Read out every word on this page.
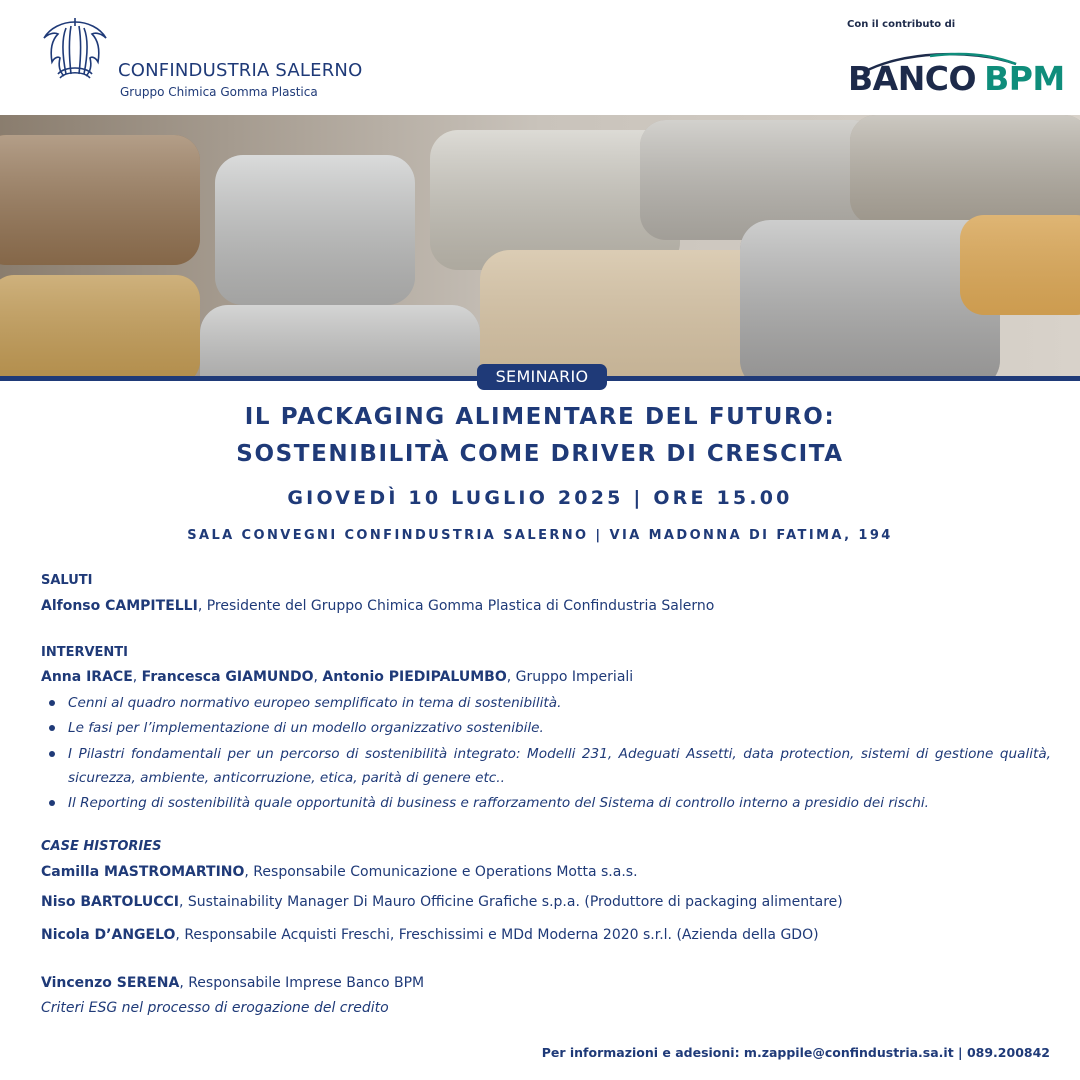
CONFINDUSTRIA SALERNO
Gruppo Chimica Gomma Plastica
Con il contributo di
BANCO BPM
SEMINARIO
IL PACKAGING ALIMENTARE DEL FUTURO:
SOSTENIBILITÀ COME DRIVER DI CRESCITA
GIOVEDÌ 10 LUGLIO 2025 | ORE 15.00
SALA CONVEGNI CONFINDUSTRIA SALERNO | VIA MADONNA DI FATIMA, 194
SALUTI
Alfonso CAMPITELLI, Presidente del Gruppo Chimica Gomma Plastica di Confindustria Salerno
INTERVENTI
Anna IRACE, Francesca GIAMUNDO, Antonio PIEDIPALUMBO, Gruppo Imperiali
Cenni al quadro normativo europeo semplificato in tema di sostenibilità.
Le fasi per l’implementazione di un modello organizzativo sostenibile.
I Pilastri fondamentali per un percorso di sostenibilità integrato: Modelli 231, Adeguati Assetti, data protection, sistemi di gestione qualità, sicurezza, ambiente, anticorruzione, etica, parità di genere etc..
Il Reporting di sostenibilità quale opportunità di business e rafforzamento del Sistema di controllo interno a presidio dei rischi.
CASE HISTORIES
Camilla MASTROMARTINO, Responsabile Comunicazione e Operations Motta s.a.s.
Niso BARTOLUCCI, Sustainability Manager Di Mauro Officine Grafiche s.p.a. (Produttore di packaging alimentare)
Nicola D’ANGELO, Responsabile Acquisti Freschi, Freschissimi e MDd Moderna 2020 s.r.l. (Azienda della GDO)
Vincenzo SERENA, Responsabile Imprese Banco BPM
Criteri ESG nel processo di erogazione del credito
Per informazioni e adesioni: m.zappile@confindustria.sa.it | 089.200842
